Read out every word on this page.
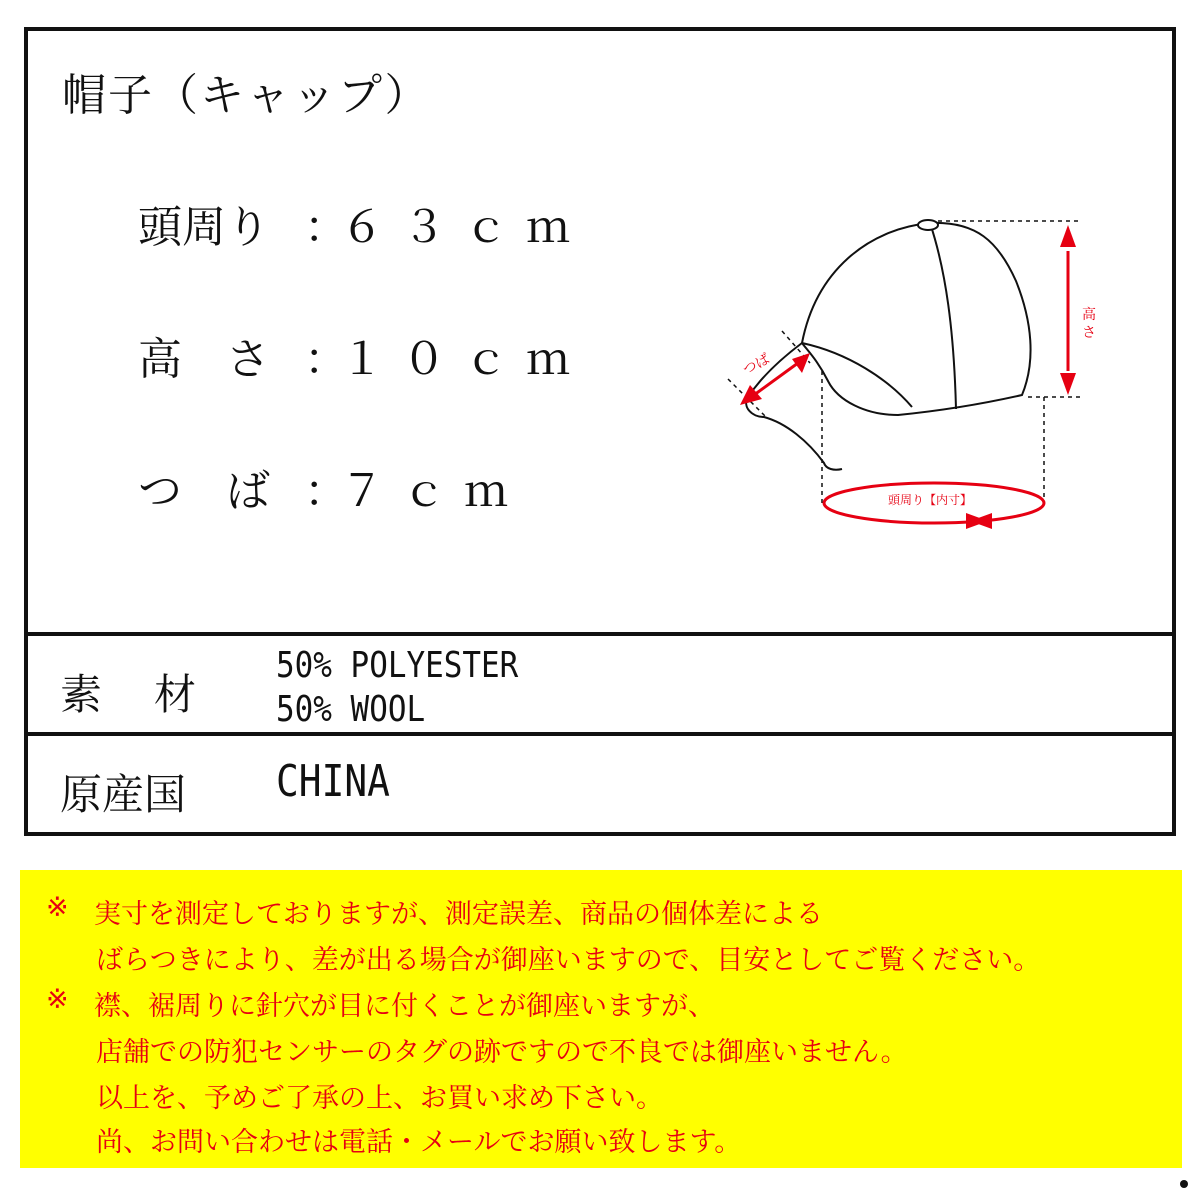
帽子（キャップ）
頭周り ：６３ｃｍ
高　さ ：１０ｃｍ
つ　ば ：７ｃｍ
高
さ
つば
頭周り【内寸】
素 材
50% POLYESTER
50% WOOL
原産国 CHINA
※ 実寸を測定しておりますが、測定誤差、商品の個体差による
ばらつきにより、差が出る場合が御座いますので、目安としてご覧ください。
※ 襟、裾周りに針穴が目に付くことが御座いますが、
店舗での防犯センサーのタグの跡ですので不良では御座いません。
以上を、予めご了承の上、お買い求め下さい。
尚、お問い合わせは電話・メールでお願い致します。
